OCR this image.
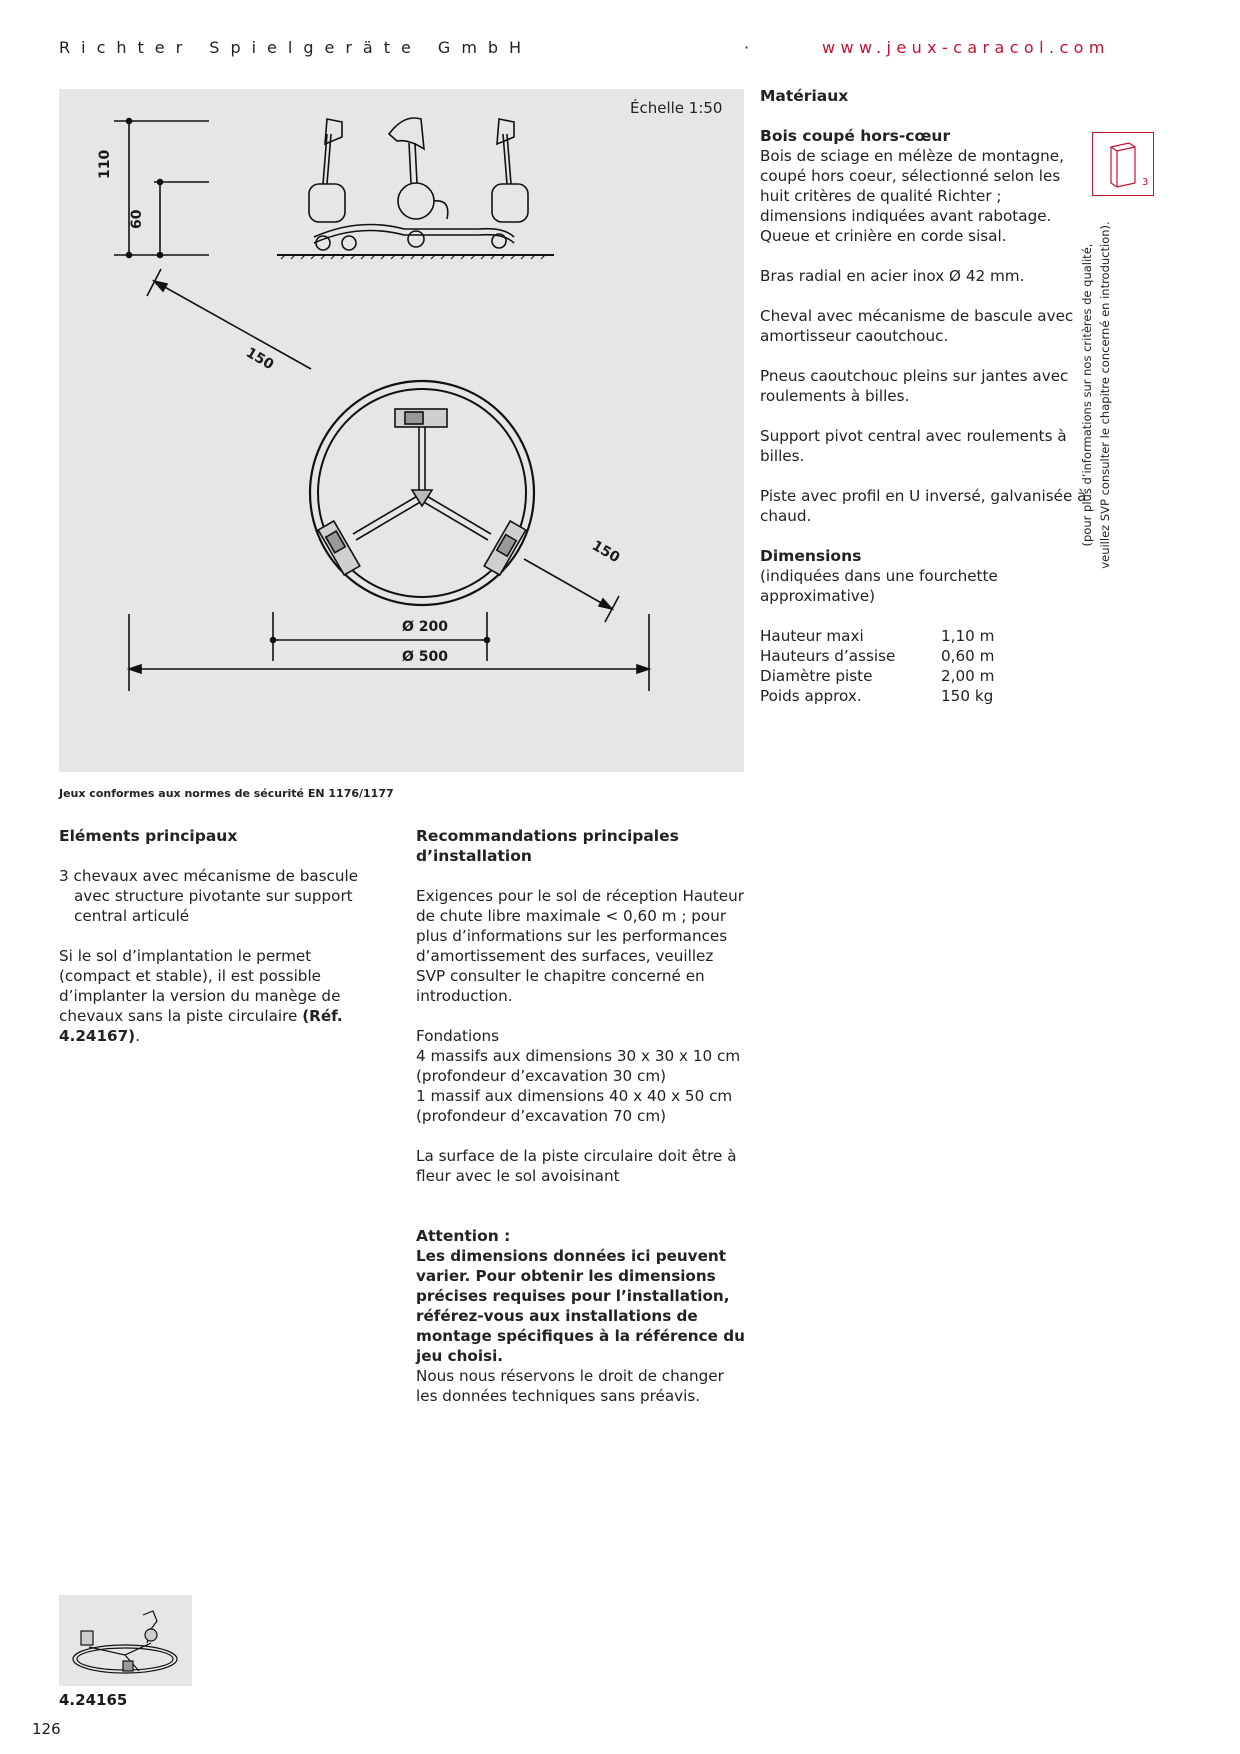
Richter Spielgeräte GmbH	·	www.jeux-caracol.com
110
60
150
150
Ø 200
Ø 500
Échelle 1:50
Jeux conformes aux normes de sécurité EN 1176/1177
Matériaux
Bois coupé hors-cœur

Bois de sciage en mélèze de montagne, coupé hors coeur, sélectionné selon les huit critères de qualité Richter ; dimensions indiquées avant rabotage. Queue et crinière en corde sisal.

Bras radial en acier inox Ø 42 mm.

Cheval avec mécanisme de bascule avec amortisseur caoutchouc.

Pneus caoutchouc pleins sur jantes avec roulements à billes.

Support pivot central avec roulements à billes.

Piste avec profil en U inversé, galvanisée à chaud.

Dimensions

(indiquées dans une fourchette approximative)

Hauteur maxi	1,10 m
Hauteurs d’assise	0,60 m
Diamètre piste	2,00 m
Poids approx.	150 kg
3
(pour plus d’informations sur nos critères de qualité, veuillez SVP consulter le chapitre concerné en introduction).
Eléments principaux
3 chevaux avec mécanisme de bascule

avec structure pivotante sur support central articulé

Si le sol d’implantation le permet (compact et stable), il est possible d’implanter la version du manège de chevaux sans la piste circulaire (Réf. 4.24167).
Recommandations principales d’installation

Exigences pour le sol de réception Hauteur de chute libre maximale < 0,60 m ; pour plus d’informations sur les performances d’amortissement des surfaces, veuillez SVP consulter le chapitre concerné en introduction.

Fondations
4 massifs aux dimensions 30 x 30 x 10 cm
(profondeur d’excavation 30 cm)
1 massif aux dimensions 40 x 40 x 50 cm

(profondeur d’excavation 70 cm)

La surface de la piste circulaire doit être à fleur avec le sol avoisinant

Attention :
Les dimensions données ici peuvent varier. Pour obtenir les dimensions précises requises pour l’installation, référez-vous aux installations de montage spécifiques à la référence du jeu choisi.
Nous nous réservons le droit de changer les données techniques sans préavis.
4.24165
126
